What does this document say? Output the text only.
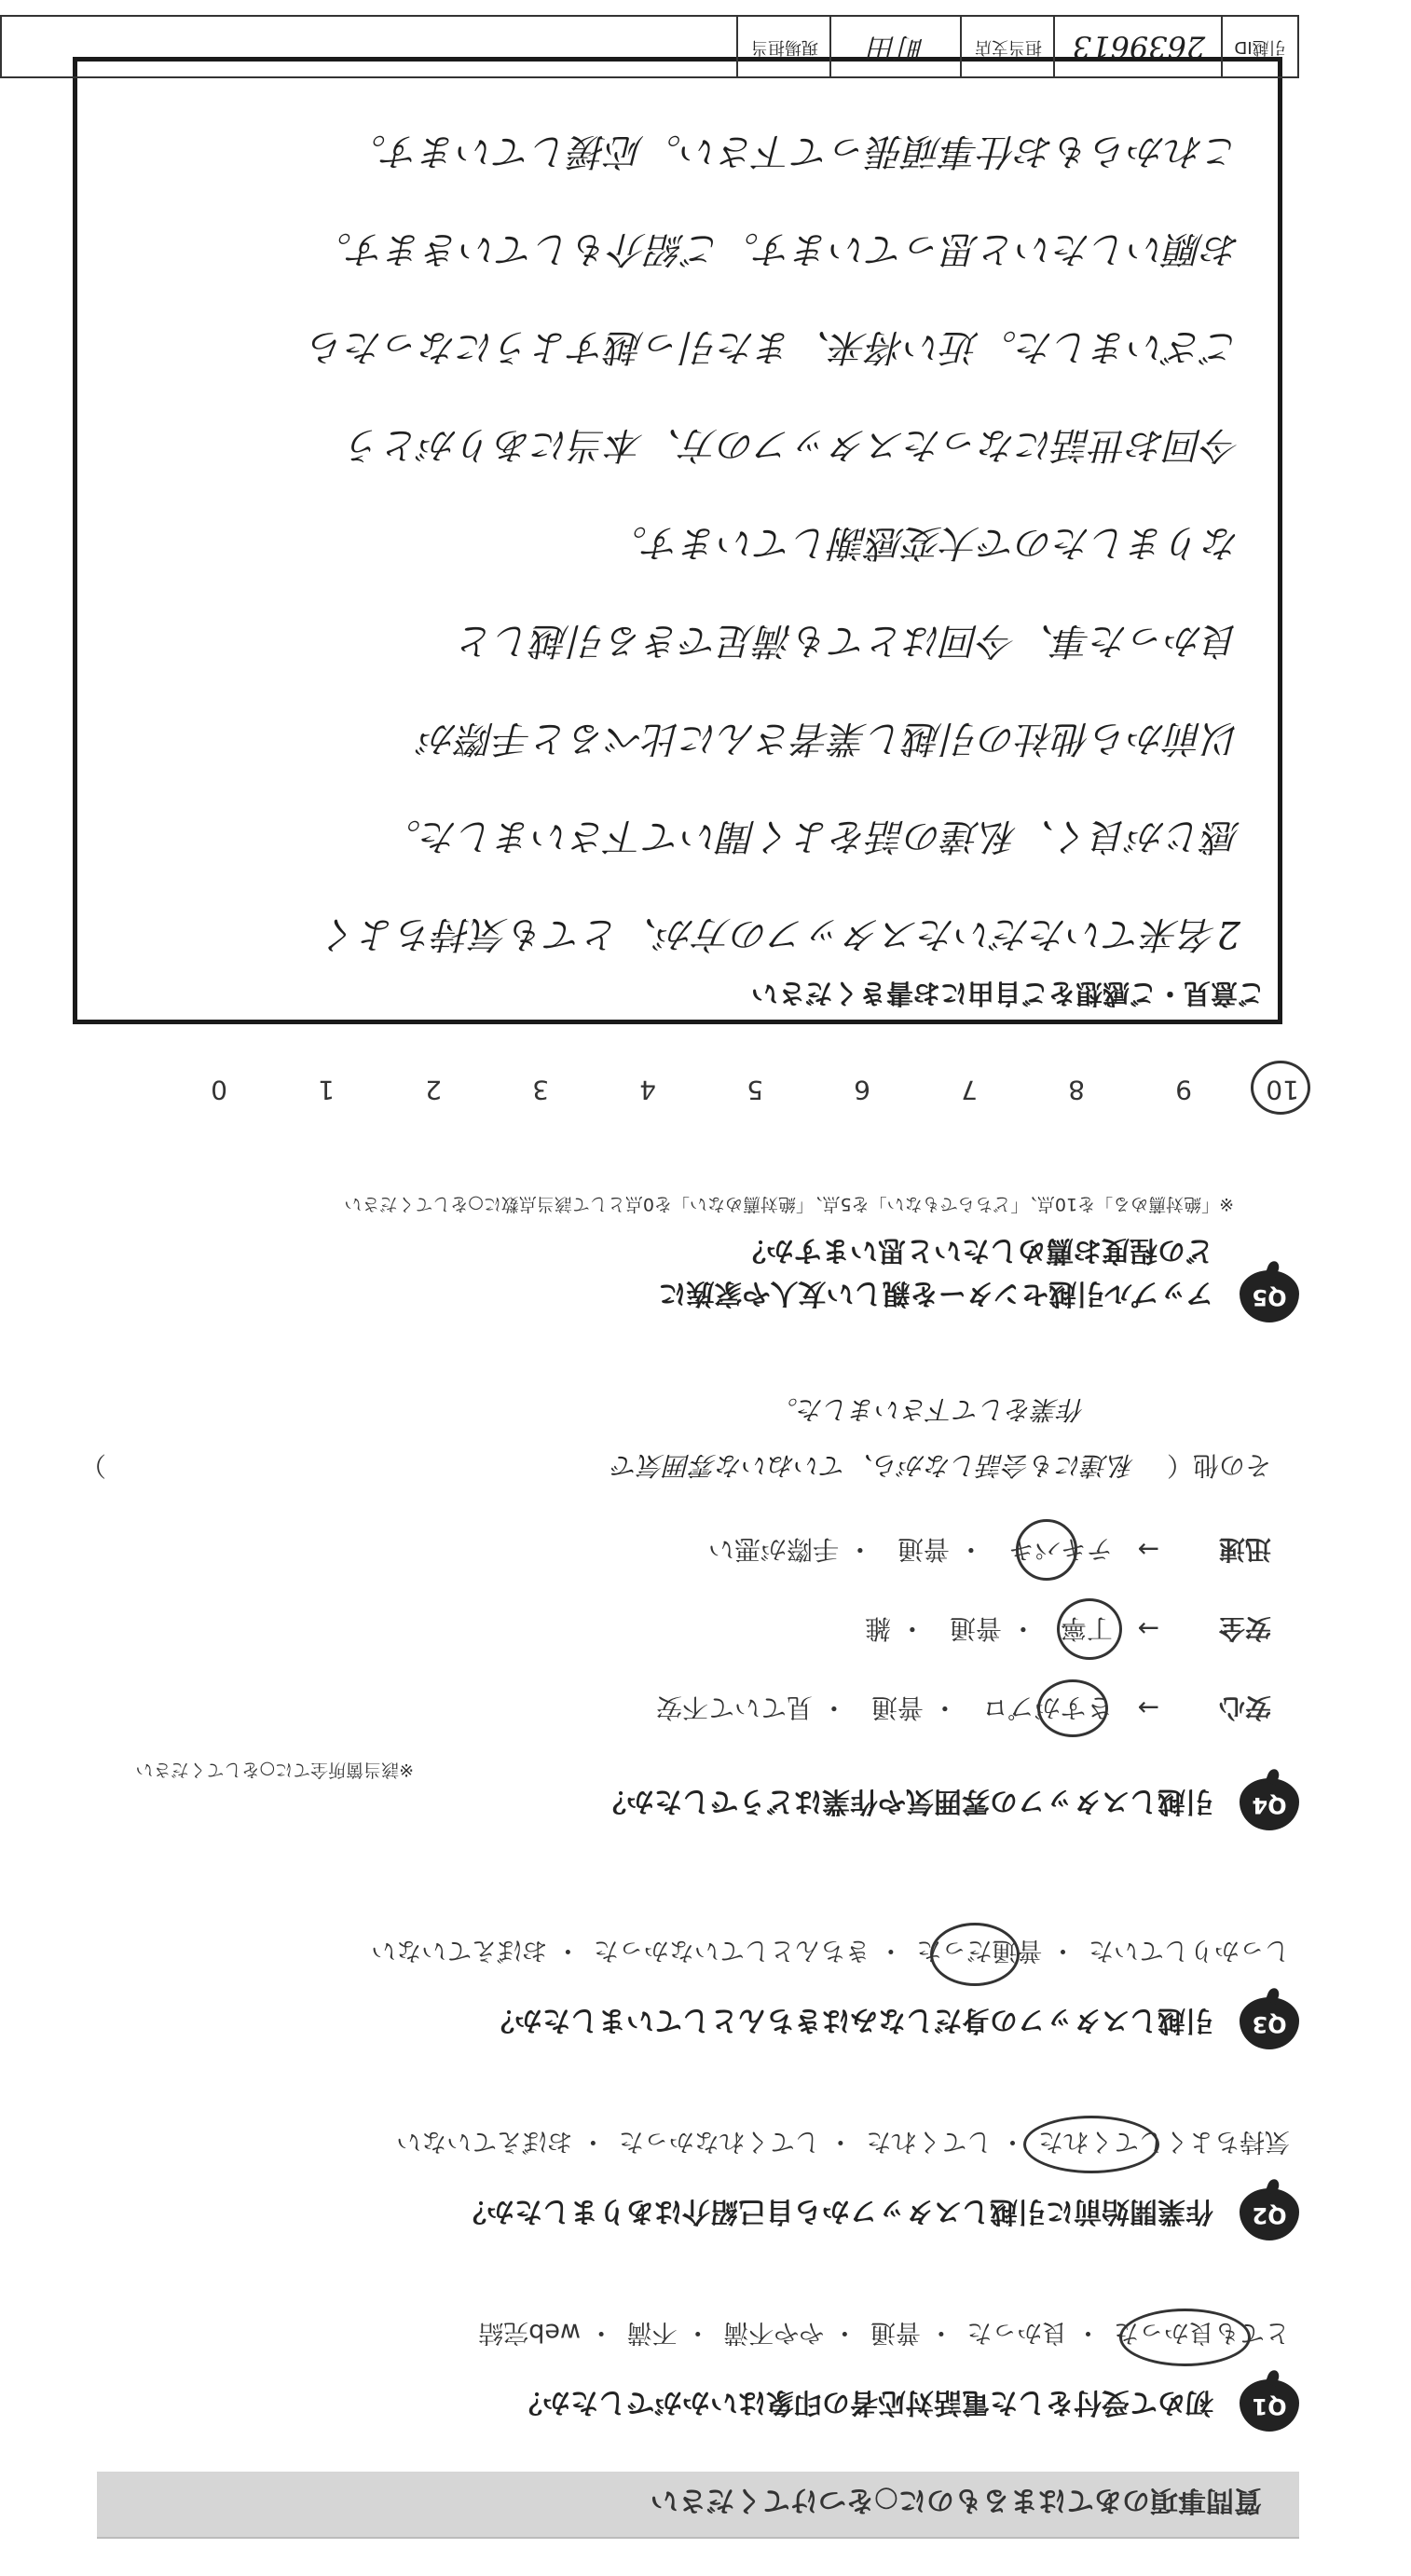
質問事項のあてはまるものに○をつけてください
Q1
初めて受付をした電話対応者の印象はいかがでしたか？
とても良かった・ 良かった・ 普通・ やや不満・ 不満・ web完結
Q2
作業開始前に引越しスタッフから自己紹介はありましたか？
気持ちよくしてくれた・ してくれた・ してくれなかった・ おぼえていない
Q3
引越しスタッフの身だしなみはきちんとしていましたか？
しっかりしていた・ 普通だった・ きちんとしていなかった・ おぼえていない
Q4
引越しスタッフの雰囲気や作業はどうでしたか？
※該当箇所全てに○をしてください
安心→   さすがプロ・ 普通・ 見ていて不安
安全→   丁寧・ 普通・ 雑
迅速→   テキパキ・ 普通・ 手際が悪い
その他（ 私達にも会話しながら、ていねいな雰囲気で
）
作業をして下さいました。
Q5
アップル引越センターを親しい友人や家族に
どの程度お薦めしたいと思いますか？
※「絶対薦める」を10点、「どちらでもない」を5点、「絶対薦めない」を0点として該当点数に○をしてください
109876543210
ご意見・ご感想をご自由にお書きください
2名来ていただいたスタッフの方が、とても気持ちよく
感じが良く、私達の話をよく聞いて下さいました。
以前から他社の引越し業者さんに比べると手際が
良かった事、今回はとても満足できる引越しと
なりましたので大変感謝しています。
今回お世話になったスタッフの方、本当にありがとう
ございました。近い将来、また引っ越すようになったら
お願いしたいと思っています。ご紹介もしていきます。
これからもお仕事頑張って下さい。応援しています。
引越ID
2639613
担当支店
町田
現場担当
